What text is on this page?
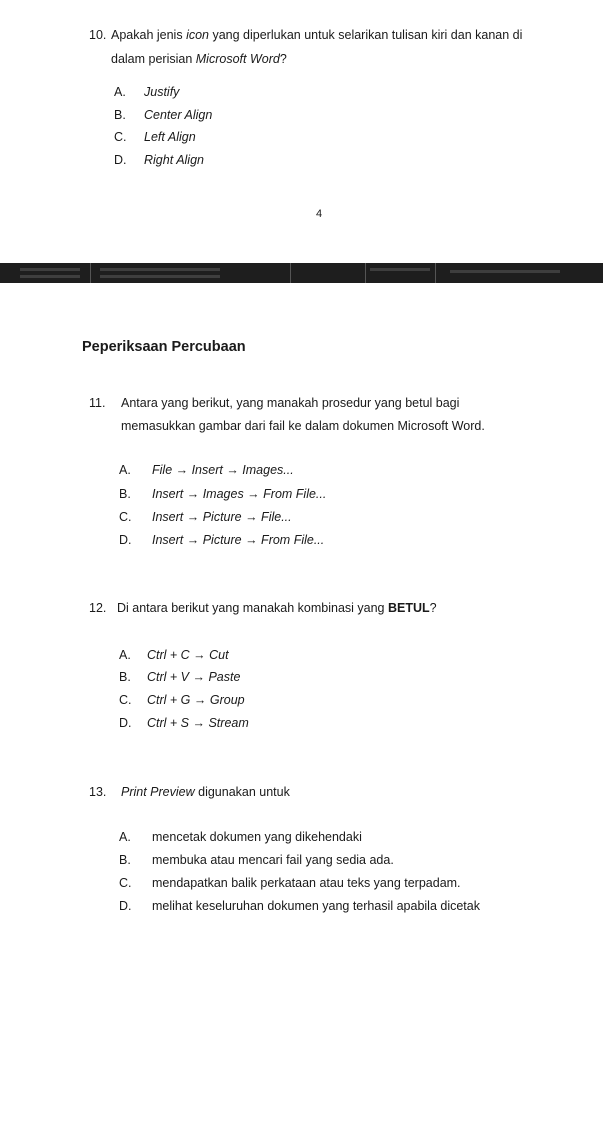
10. Apakah jenis icon yang diperlukan untuk selarikan tulisan kiri dan kanan di
dalam perisian Microsoft Word?
A. Justify
B. Center Align
C. Left Align
D. Right Align
4
Peperiksaan Percubaan
11. Antara yang berikut, yang manakah prosedur yang betul bagi
memasukkan gambar dari fail ke dalam dokumen Microsoft Word.
A. File → Insert → Images...
B. Insert → Images → From File...
C. Insert → Picture → File...
D. Insert → Picture → From File...
12. Di antara berikut yang manakah kombinasi yang BETUL?
A. Ctrl + C → Cut
B. Ctrl + V → Paste
C. Ctrl + G → Group
D. Ctrl + S → Stream
13. Print Preview digunakan untuk
A. mencetak dokumen yang dikehendaki
B. membuka atau mencari fail yang sedia ada.
C. mendapatkan balik perkataan atau teks yang terpadam.
D. melihat keseluruhan dokumen yang terhasil apabila dicetak
